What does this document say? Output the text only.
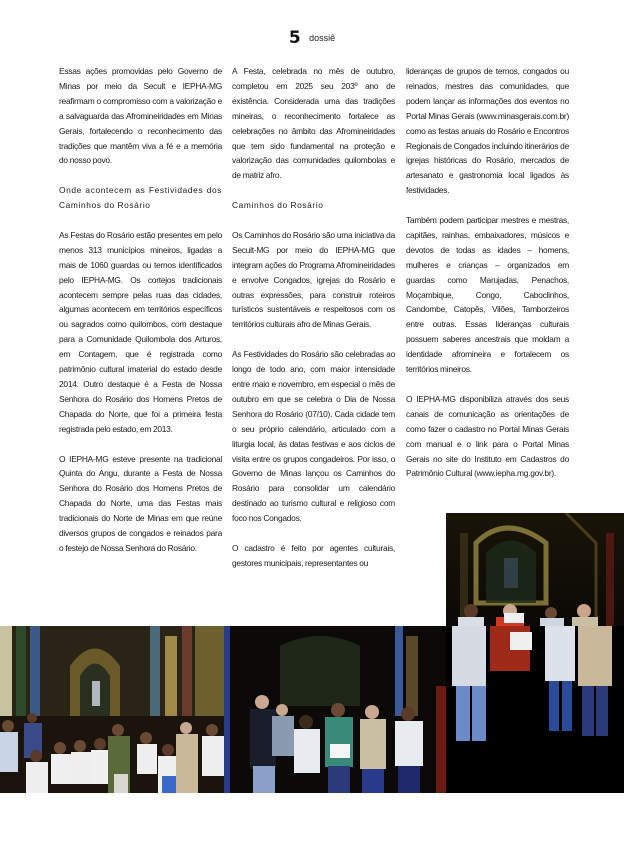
5 dossiê

Essas ações promovidas pelo Governo de Minas por meio da Secult e IEPHA-MG reafirmam o compromisso com a valorização e a salvaguarda das Afromineiridades em Minas Gerais, fortalecendo o reconhecimento das tradições que mantêm viva a fé e a memória do nosso povo.

Onde acontecem as Festividades dos Caminhos do Rosário

As Festas do Rosário estão presentes em pelo menos 313 municípios mineiros, ligadas a mais de 1060 guardas ou ternos identificados pelo IEPHA-MG. Os cortejos tradicionais acontecem sempre pelas ruas das cidades, algumas acontecem em territórios específicos ou sagrados como quilombos, com destaque para a Comunidade Quilombola dos Arturos, em Contagem, que é registrada como patrimônio cultural imaterial do estado desde 2014. Outro destaque é a Festa de Nossa Senhora do Rosário dos Homens Pretos de Chapada do Norte, que foi a primeira festa registrada pelo estado, em 2013.

O IEPHA-MG esteve presente na tradicional Quinta do Angu, durante a Festa de Nossa Senhora do Rosário dos Homens Pretos de Chapada do Norte, uma das Festas mais tradicionais do Norte de Minas em que reúne diversos grupos de congados e reinados para o festejo de Nossa Senhora do Rosário.

A Festa, celebrada no mês de outubro, completou em 2025 seu 203º ano de existência. Considerada uma das tradições mineiras, o reconhecimento fortalece as celebrações no âmbito das Afromineiridades que tem sido fundamental na proteção e valorização das comunidades quilombolas e de matriz afro.

Caminhos do Rosário

Os Caminhos do Rosário são uma iniciativa da Secult-MG por meio do IEPHA-MG que integram ações do Programa Afromineiridades e envolve Congados, igrejas do Rosário e outras expressões, para construir roteiros turísticos sustentáveis e respeitosos com os territórios culturais afro de Minas Gerais.

As Festividades do Rosário são celebradas ao longo de todo ano, com maior intensidade entre maio e novembro, em especial o mês de outubro em que se celebra o Dia de Nossa Senhora do Rosário (07/10). Cada cidade tem o seu próprio calendário, articulado com a liturgia local, às datas festivas e aos ciclos de visita entre os grupos congadeiros. Por isso, o Governo de Minas lançou os Caminhos do Rosário para consolidar um calendário destinado ao turismo cultural e religioso com foco nos Congados.

O cadastro é feito por agentes culturais, gestores municipais, representantes ou

lideranças de grupos de ternos, congados ou reinados, mestres das comunidades, que podem lançar as informações dos eventos no Portal Minas Gerais (www.minasgerais.com.br) como as festas anuais do Rosário e Encontros Regionais de Congados incluindo itinerários de igrejas históricas do Rosário, mercados de artesanato e gastronomia local ligados às festividades.

Também podem participar mestres e mestras, capitães, rainhas, embaixadores, músicos e devotos de todas as idades – homens, mulheres e crianças – organizados em guardas como Marujadas, Penachos, Moçambique, Congo, Caboclinhos, Candombe, Catopês, Vilões, Tamborzeiros entre outras. Essas lideranças culturais possuem saberes ancestrais que moldam a identidade afromineira e fortalecem os territórios mineiros.

O IEPHA-MG disponibiliza através dos seus canais de comunicação as orientações de como fazer o cadastro no Portal Minas Gerais com manual e o link para o Portal Minas Gerais no site do Instituto em Cadastros do Patrimônio Cultural (www.iepha.mg.gov.br).
